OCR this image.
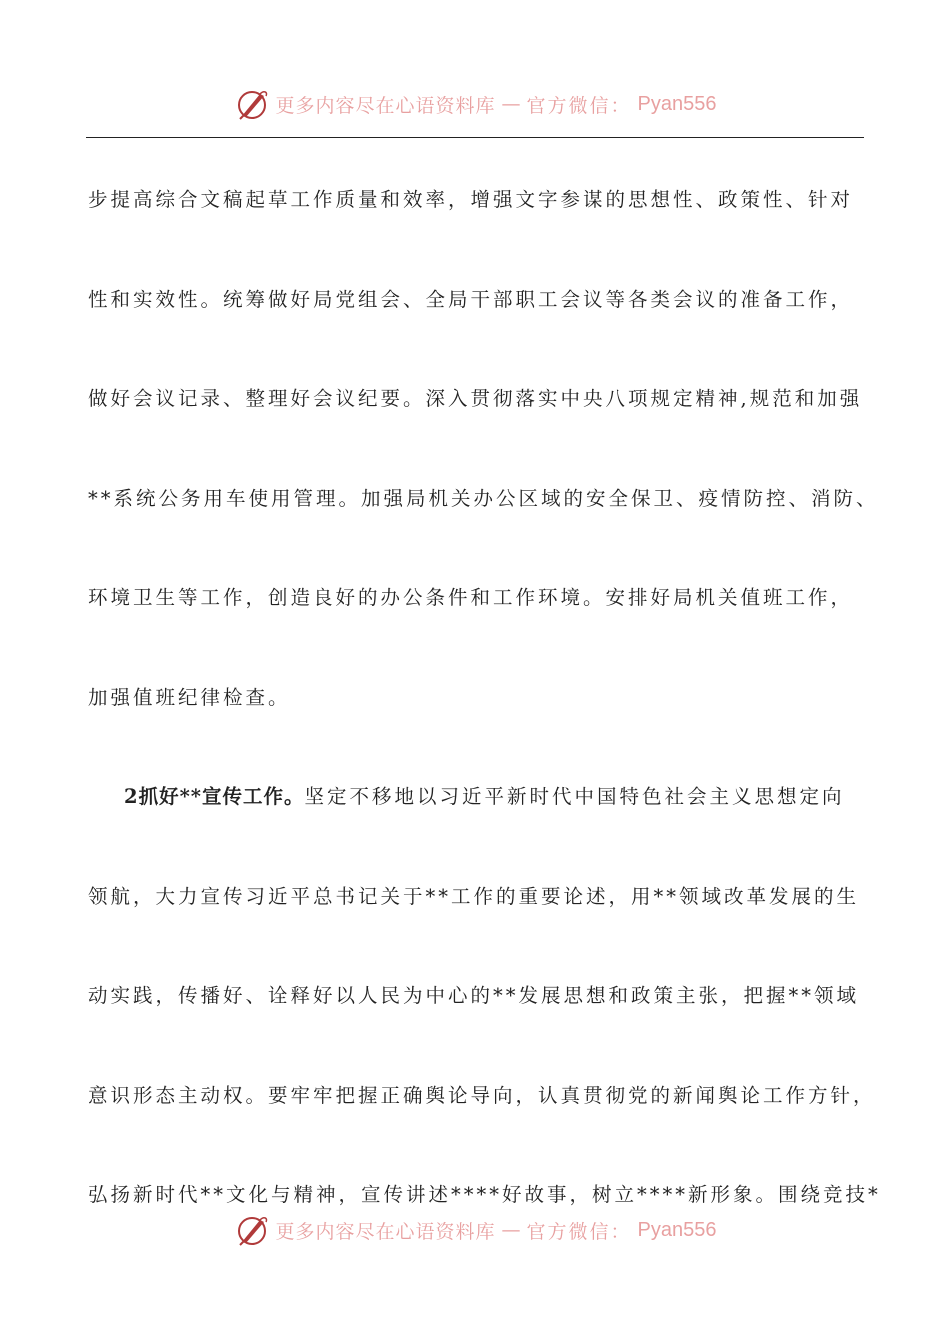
更多内容尽在心语资料库 — 官方微信： Pyan556
步提高综合文稿起草工作质量和效率，增强文字参谋的思想性、政策性、针对
性和实效性。统筹做好局党组会、全局干部职工会议等各类会议的准备工作，
做好会议记录、整理好会议纪要。深入贯彻落实中央八项规定精神,规范和加强
**系统公务用车使用管理。加强局机关办公区域的安全保卫、疫情防控、消防、
环境卫生等工作，创造良好的办公条件和工作环境。安排好局机关值班工作，
加强值班纪律检查。
2抓好**宣传工作。坚定不移地以习近平新时代中国特色社会主义思想定向
领航，大力宣传习近平总书记关于**工作的重要论述，用**领域改革发展的生
动实践，传播好、诠释好以人民为中心的**发展思想和政策主张，把握**领域
意识形态主动权。要牢牢把握正确舆论导向，认真贯彻党的新闻舆论工作方针，
弘扬新时代**文化与精神，宣传讲述****好故事，树立****新形象。围绕竞技*
更多内容尽在心语资料库 — 官方微信： Pyan556
